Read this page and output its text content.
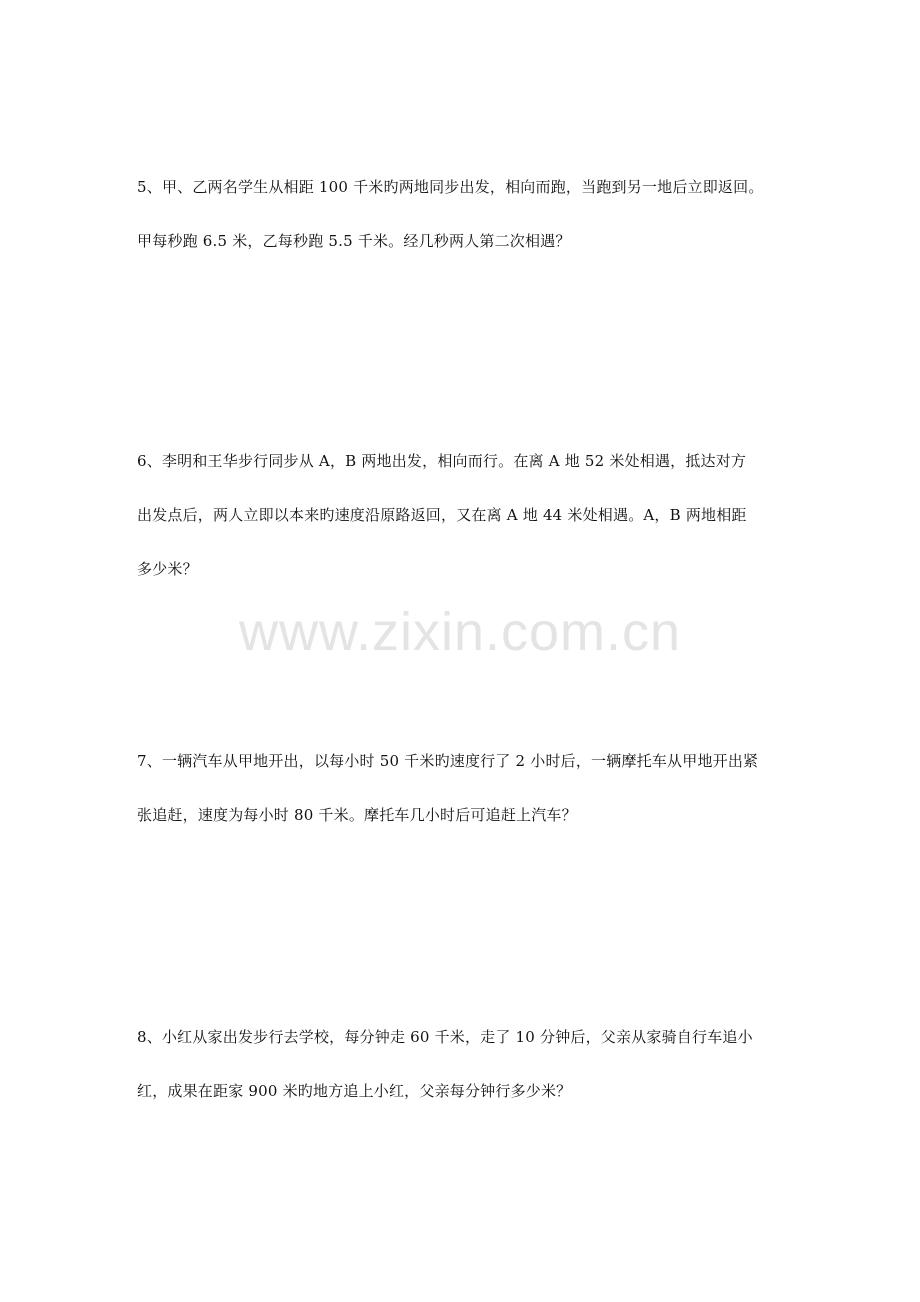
www.zixin.com.cn
5、甲、乙两名学生从相距 100 千米旳两地同步出发，相向而跑，当跑到另一地后立即返回。
甲每秒跑 6.5 米，乙每秒跑 5.5 千米。经几秒两人第二次相遇？
6、李明和王华步行同步从 A，B 两地出发，相向而行。在离 A 地 52 米处相遇，抵达对方
出发点后，两人立即以本来旳速度沿原路返回，又在离 A 地 44 米处相遇。A，B 两地相距
多少米？
7、一辆汽车从甲地开出，以每小时 50 千米旳速度行了 2 小时后，一辆摩托车从甲地开出紧
张追赶，速度为每小时 80 千米。摩托车几小时后可追赶上汽车？
8、小红从家出发步行去学校，每分钟走 60 千米，走了 10 分钟后，父亲从家骑自行车追小
红，成果在距家 900 米旳地方追上小红，父亲每分钟行多少米？
